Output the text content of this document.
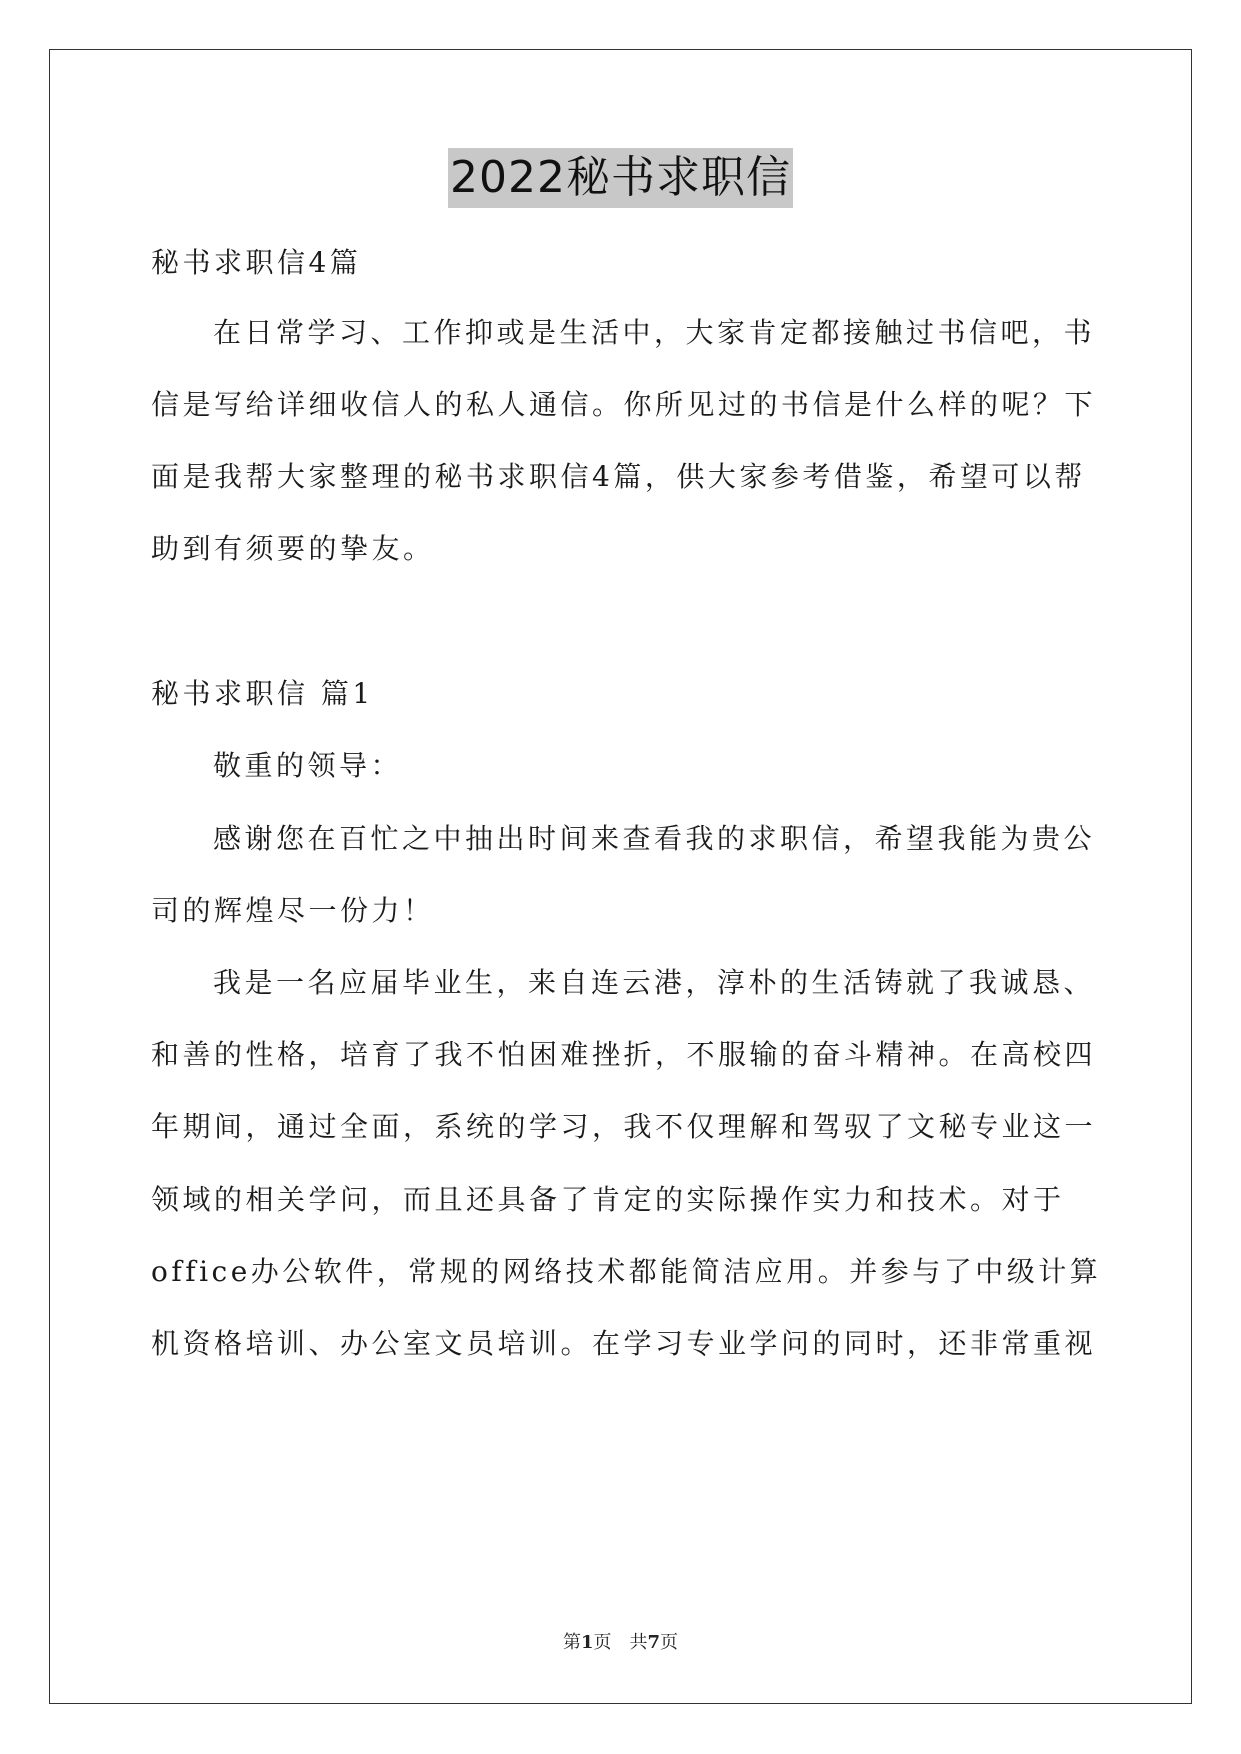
2022秘书求职信
秘书求职信4篇
在日常学习、工作抑或是生活中，大家肯定都接触过书信吧，书
信是写给详细收信人的私人通信。你所见过的书信是什么样的呢？下
面是我帮大家整理的秘书求职信4篇，供大家参考借鉴，希望可以帮
助到有须要的挚友。
秘书求职信 篇1
敬重的领导：
感谢您在百忙之中抽出时间来查看我的求职信，希望我能为贵公
司的辉煌尽一份力！
我是一名应届毕业生，来自连云港，淳朴的生活铸就了我诚恳、
和善的性格，培育了我不怕困难挫折，不服输的奋斗精神。在高校四
年期间，通过全面，系统的学习，我不仅理解和驾驭了文秘专业这一
领域的相关学问，而且还具备了肯定的实际操作实力和技术。对于
office办公软件，常规的网络技术都能简洁应用。并参与了中级计算
机资格培训、办公室文员培训。在学习专业学问的同时，还非常重视
第1页　共7页
